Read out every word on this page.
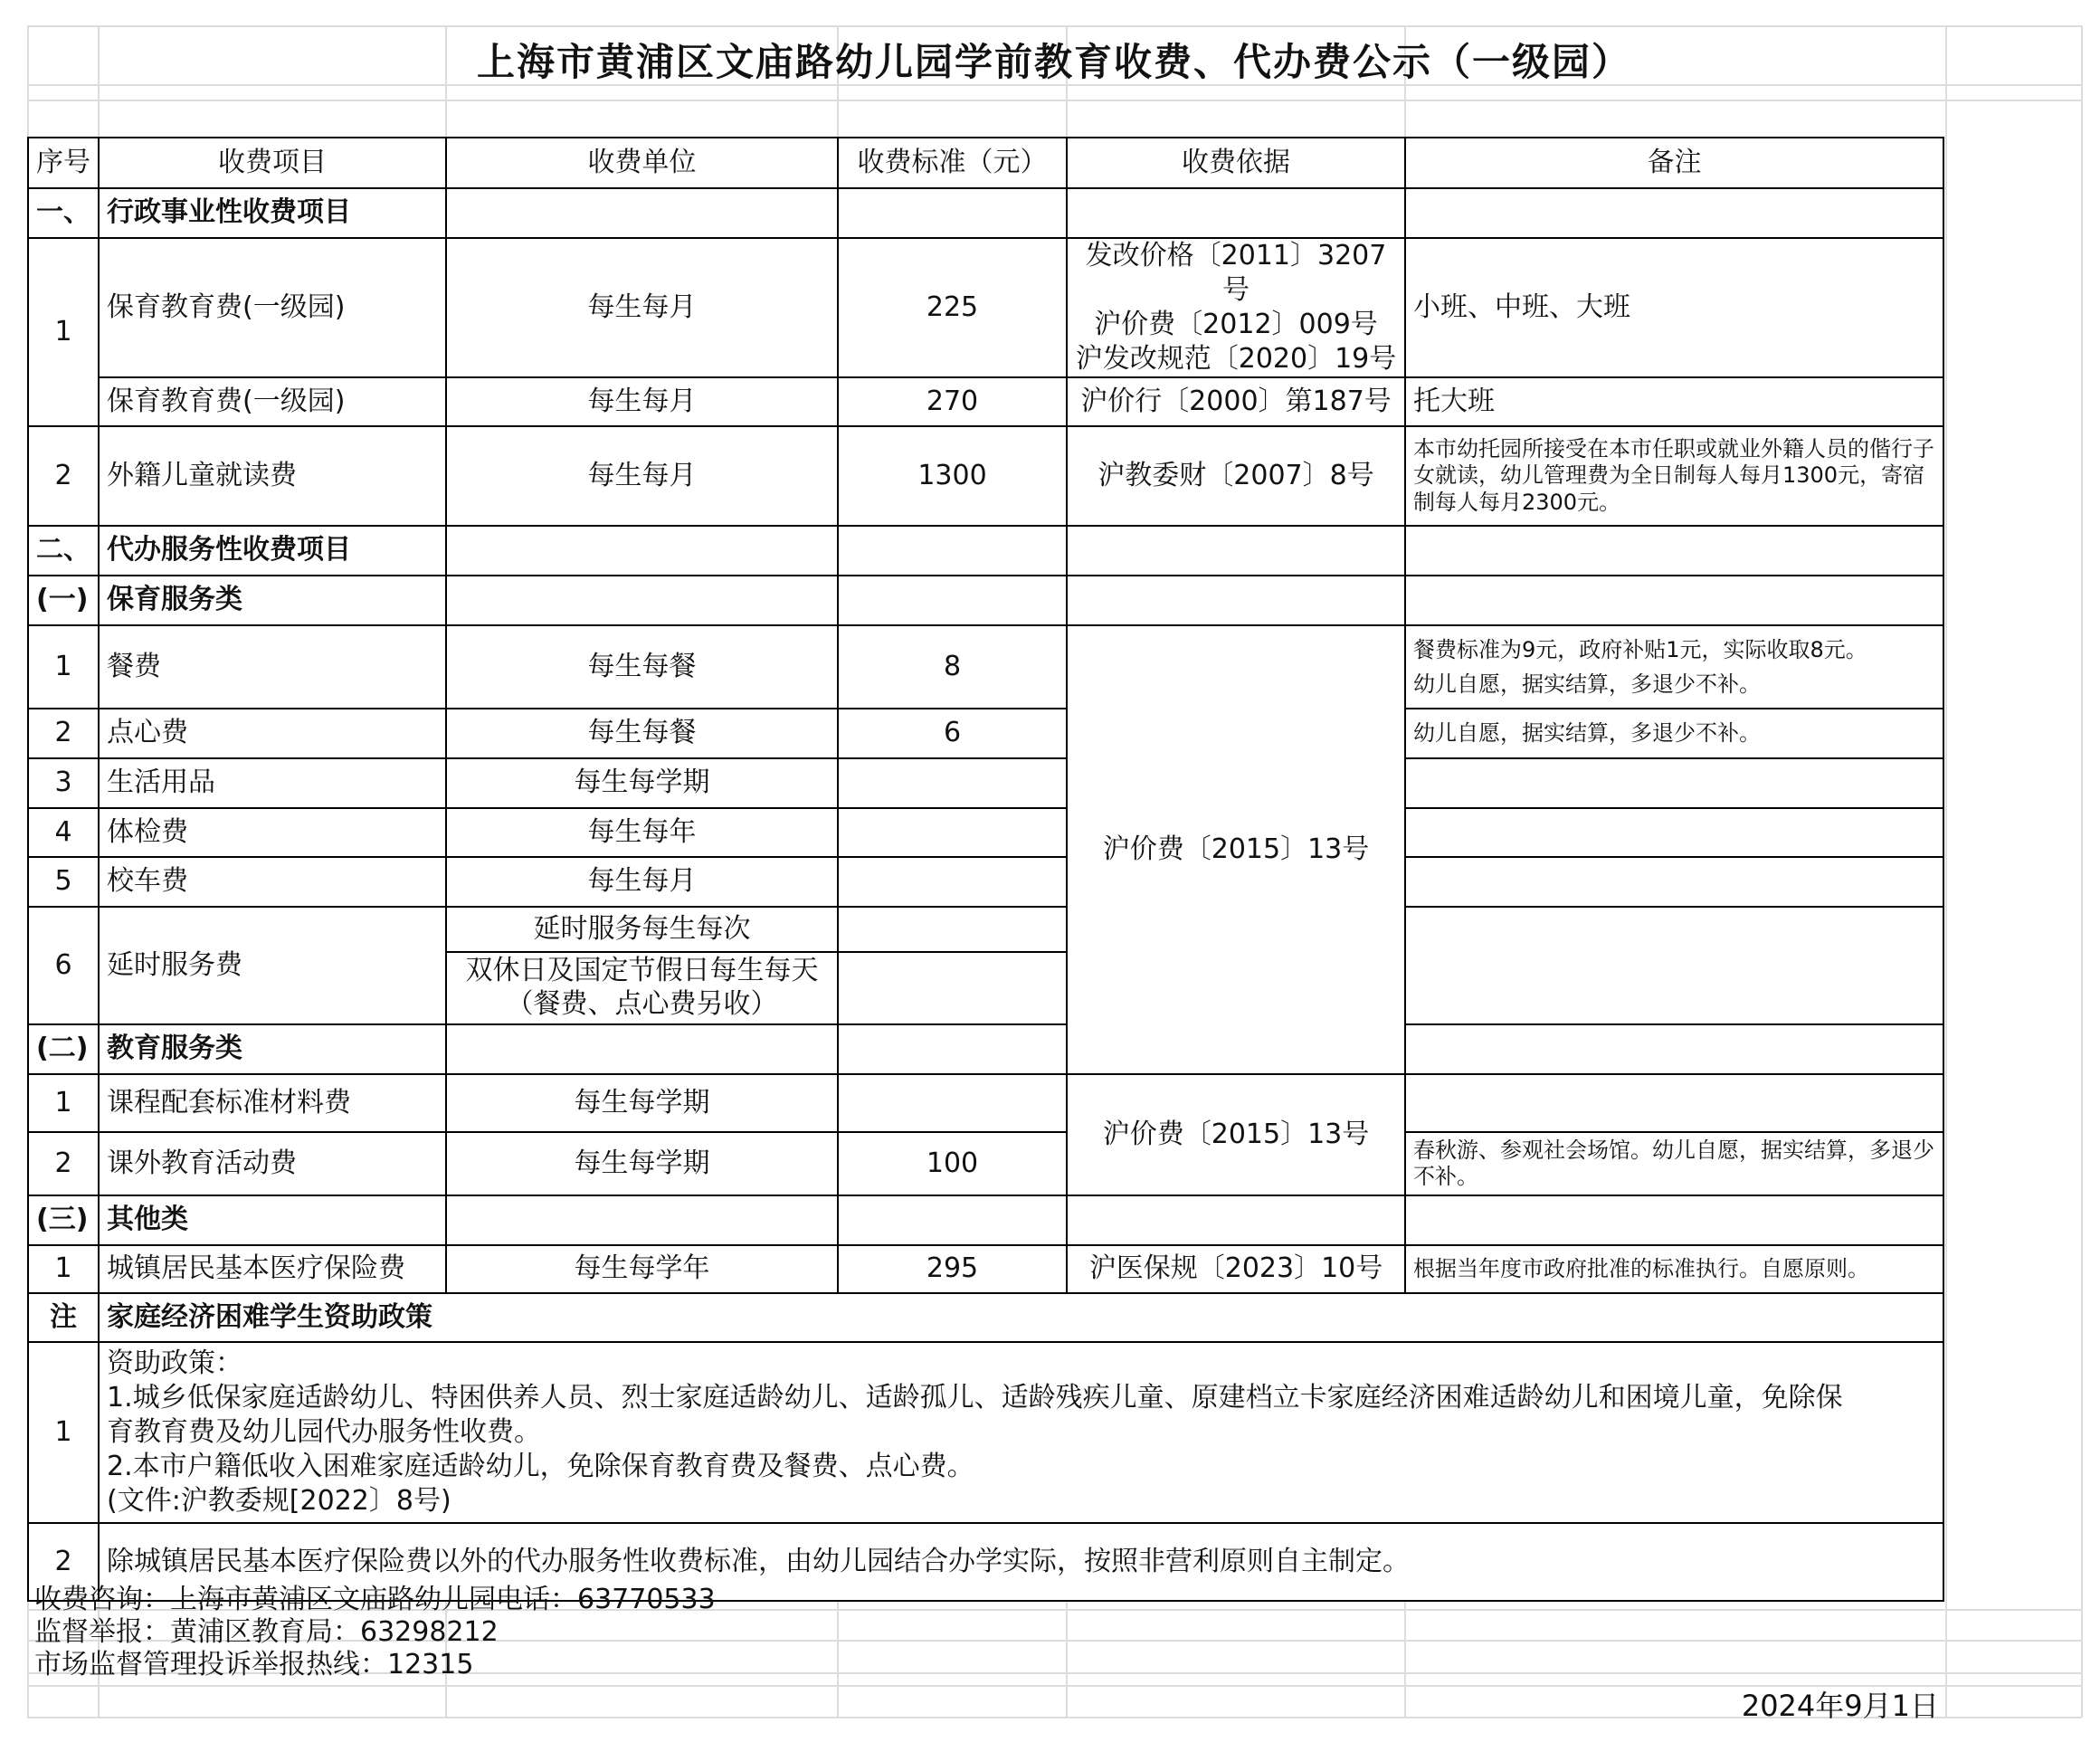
上海市黄浦区文庙路幼儿园学前教育收费、代办费公示（一级园）
序号	收费项目	收费单位	收费标准（元）	收费依据	备注
一、	行政事业性收费项目				
1	保育教育费(一级园)	每生每月	225	发改价格〔2011〕3207号
沪价费〔2012〕009号
沪发改规范〔2020〕19号	小班、中班、大班
	保育教育费(一级园)	每生每月	270	沪价行〔2000〕第187号	托大班
2	外籍儿童就读费	每生每月	1300	沪教委财〔2007〕8号	本市幼托园所接受在本市任职或就业外籍人员的偕行子女就读，幼儿管理费为全日制每人每月1300元，寄宿制每人每月2300元。
二、	代办服务性收费项目				
(一)	保育服务类				
1	餐费	每生每餐	8	沪价费〔2015〕13号	餐费标准为9元，政府补贴1元，实际收取8元。
幼儿自愿，据实结算，多退少不补。

2	点心费	每生每餐	6		幼儿自愿，据实结算，多退少不补。
3	生活用品	每生每学期			
4	体检费	每生每年			
5	校车费	每生每月			
6	延时服务费	延时服务每生每次			

		双休日及国定节假日每生每天
（餐费、点心费另收）			

(二)	教育服务类				
1	课程配套标准材料费	每生每学期		沪价费〔2015〕13号	
2	课外教育活动费	每生每学期	100		春秋游、参观社会场馆。幼儿自愿，据实结算，多退少不补。
(三)	其他类				
1	城镇居民基本医疗保险费	每生每学年	295	沪医保规〔2023〕10号	根据当年度市政府批准的标准执行。自愿原则。
注	家庭经济困难学生资助政策				
1	资助政策：
1.城乡低保家庭适龄幼儿、特困供养人员、烈士家庭适龄幼儿、适龄孤儿、适龄残疾儿童、原建档立卡家庭经济困难适龄幼儿和困境儿童，免除保
育教育费及幼儿园代办服务性收费。
2.本市户籍低收入困难家庭适龄幼儿，免除保育教育费及餐费、点心费。
(文件:沪教委规[2022〕8号)				

2	除城镇居民基本医疗保险费以外的代办服务性收费标准，由幼儿园结合办学实际，按照非营利原则自主制定。				
收费咨询：上海市黄浦区文庙路幼儿园电话：63770533
监督举报：黄浦区教育局：63298212
市场监督管理投诉举报热线：12315
2024年9月1日
